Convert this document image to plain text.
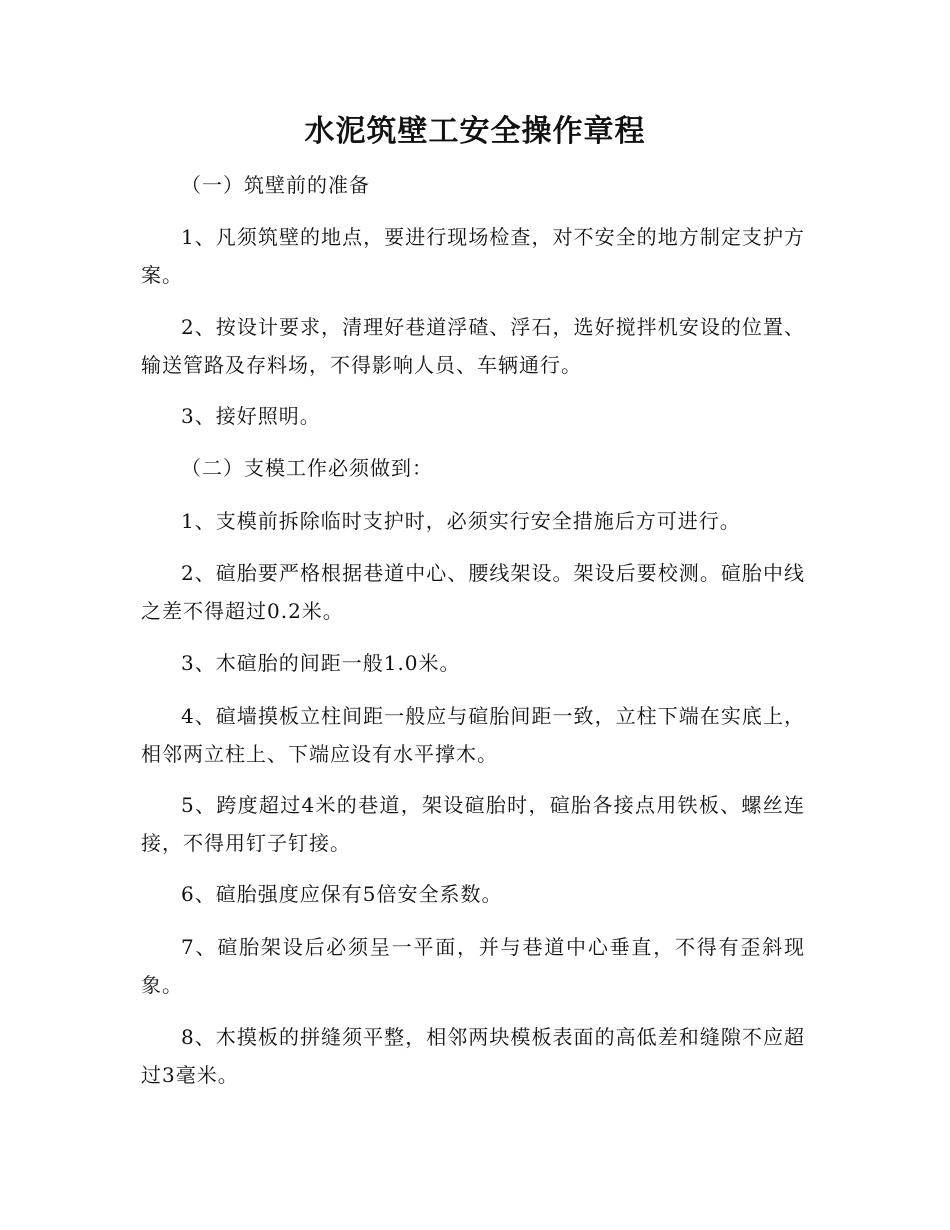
水泥筑壁工安全操作章程

（一）筑壁前的准备

1、凡须筑壁的地点，要进行现场检查，对不安全的地方制定支护方案。

2、按设计要求，清理好巷道浮碴、浮石，选好搅拌机安设的位置、输送管路及存料场，不得影响人员、车辆通行。

3、接好照明。

（二）支模工作必须做到：

1、支模前拆除临时支护时，必须实行安全措施后方可进行。

2、碹胎要严格根据巷道中心、腰线架设。架设后要校测。碹胎中线之差不得超过0.2米。

3、木碹胎的间距一般1.0米。

4、碹墙摸板立柱间距一般应与碹胎间距一致，立柱下端在实底上，相邻两立柱上、下端应设有水平撑木。

5、跨度超过4米的巷道，架设碹胎时，碹胎各接点用铁板、螺丝连接，不得用钉子钉接。

6、碹胎强度应保有5倍安全系数。

7、碹胎架设后必须呈一平面，并与巷道中心垂直，不得有歪斜现象。

8、木摸板的拼缝须平整，相邻两块模板表面的高低差和缝隙不应超过3毫米。
